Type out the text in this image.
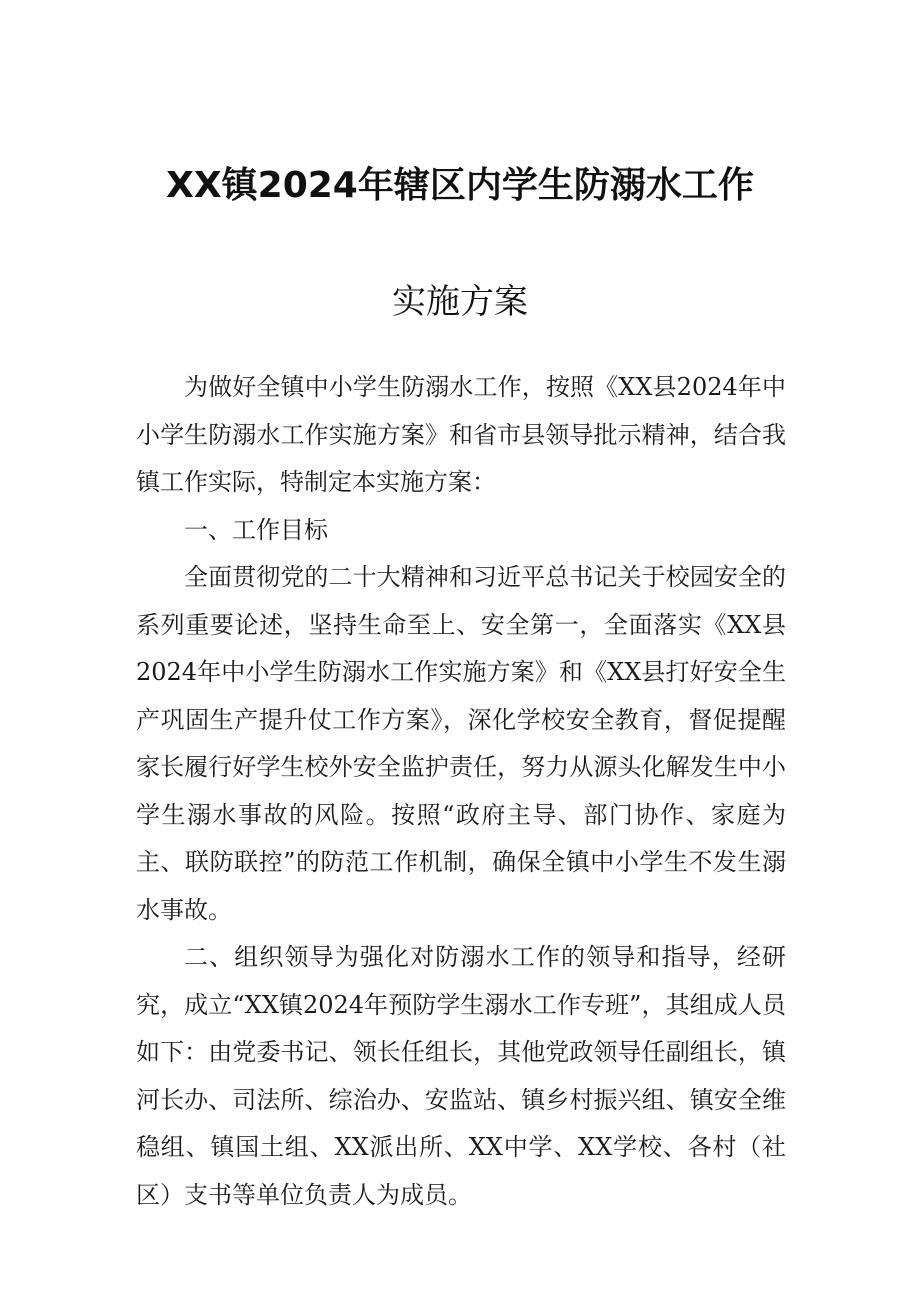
XX镇2024年辖区内学生防溺水工作
实施方案

为做好全镇中小学生防溺水工作，按照《XX县2024年中小学生防溺水工作实施方案》和省市县领导批示精神，结合我镇工作实际，特制定本实施方案：

一、工作目标

全面贯彻党的二十大精神和习近平总书记关于校园安全的系列重要论述，坚持生命至上、安全第一，全面落实《XX县2024年中小学生防溺水工作实施方案》和《XX县打好安全生产巩固生产提升仗工作方案》，深化学校安全教育，督促提醒家长履行好学生校外安全监护责任，努力从源头化解发生中小学生溺水事故的风险。按照“政府主导、部门协作、家庭为主、联防联控”的防范工作机制，确保全镇中小学生不发生溺水事故。

二、组织领导为强化对防溺水工作的领导和指导，经研究，成立“XX镇2024年预防学生溺水工作专班”，其组成人员如下：由党委书记、领长任组长，其他党政领导任副组长，镇河长办、司法所、综治办、安监站、镇乡村振兴组、镇安全维稳组、镇国土组、XX派出所、XX中学、XX学校、各村（社区）支书等单位负责人为成员。
